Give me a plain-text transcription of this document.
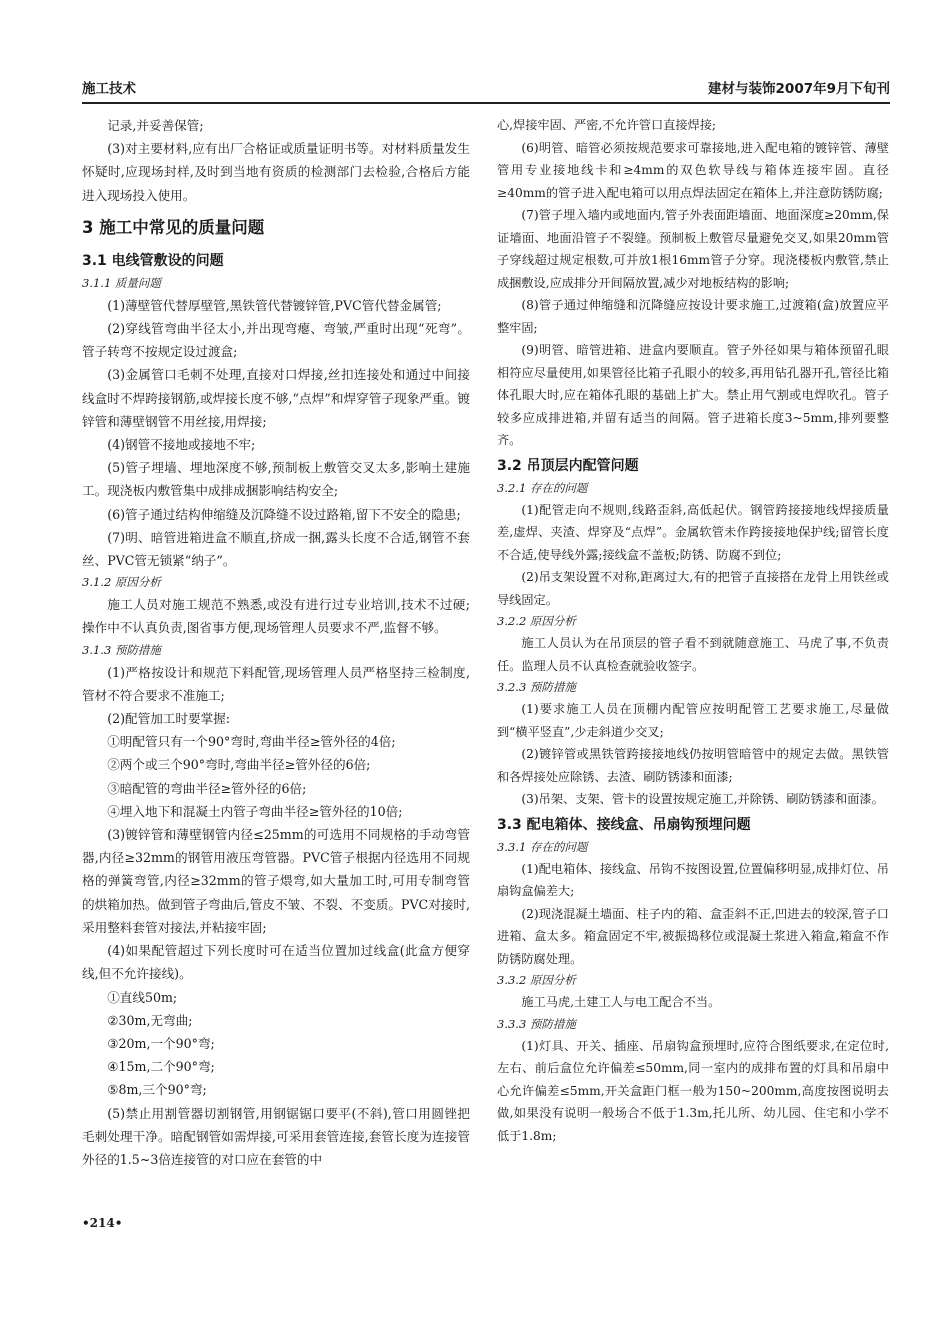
施工技术	建材与装饰2007年9月下旬刊
记录,并妥善保管;
(3)对主要材料,应有出厂合格证或质量证明书等。对材料质量发生怀疑时,应现场封样,及时到当地有资质的检测部门去检验,合格后方能进入现场投入使用。
3 施工中常见的质量问题
3.1 电线管敷设的问题
3.1.1 质量问题
(1)薄壁管代替厚壁管,黑铁管代替镀锌管,PVC管代替金属管;
(2)穿线管弯曲半径太小,并出现弯瘪、弯皱,严重时出现“死弯”。管子转弯不按规定设过渡盒;
(3)金属管口毛刺不处理,直接对口焊接,丝扣连接处和通过中间接线盒时不焊跨接钢筋,或焊接长度不够,“点焊”和焊穿管子现象严重。镀锌管和薄壁钢管不用丝接,用焊接;
(4)钢管不接地或接地不牢;
(5)管子埋墙、埋地深度不够,预制板上敷管交叉太多,影响土建施工。现浇板内敷管集中成排成捆影响结构安全;
(6)管子通过结构伸缩缝及沉降缝不设过路箱,留下不安全的隐患;
(7)明、暗管进箱进盒不顺直,挤成一捆,露头长度不合适,钢管不套丝、PVC管无锁紧“纳子”。
3.1.2 原因分析
施工人员对施工规范不熟悉,或没有进行过专业培训,技术不过硬;操作中不认真负责,图省事方便,现场管理人员要求不严,监督不够。
3.1.3 预防措施
(1)严格按设计和规范下料配管,现场管理人员严格坚持三检制度,管材不符合要求不准施工;
(2)配管加工时要掌握:
①明配管只有一个90°弯时,弯曲半径≥管外径的4倍;
②两个或三个90°弯时,弯曲半径≥管外径的6倍;
③暗配管的弯曲半径≥管外径的6倍;
④埋入地下和混凝土内管子弯曲半径≥管外径的10倍;
(3)镀锌管和薄壁钢管内径≤25mm的可选用不同规格的手动弯管器,内径≥32mm的钢管用液压弯管器。PVC管子根据内径选用不同规格的弹簧弯管,内径≥32mm的管子煨弯,如大量加工时,可用专制弯管的烘箱加热。做到管子弯曲后,管皮不皱、不裂、不变质。PVC对接时,采用整料套管对接法,并粘接牢固;
(4)如果配管超过下列长度时可在适当位置加过线盒(此盒方便穿线,但不允许接线)。
①直线50m;
②30m,无弯曲;
③20m,一个90°弯;
④15m,二个90°弯;
⑤8m,三个90°弯;
(5)禁止用割管器切割钢管,用钢锯锯口要平(不斜),管口用圆锉把毛刺处理干净。暗配钢管如需焊接,可采用套管连接,套管长度为连接管外径的1.5~3倍连接管的对口应在套管的中
心,焊接牢固、严密,不允许管口直接焊接;
(6)明管、暗管必须按规范要求可靠接地,进入配电箱的镀锌管、薄壁管用专业接地线卡和≥4mm的双色软导线与箱体连接牢固。直径≥40mm的管子进入配电箱可以用点焊法固定在箱体上,并注意防锈防腐;
(7)管子埋入墙内或地面内,管子外表面距墙面、地面深度≥20mm,保证墙面、地面沿管子不裂缝。预制板上敷管尽量避免交叉,如果20mm管子穿线超过规定根数,可并放1根16mm管子分穿。现浇楼板内敷管,禁止成捆敷设,应成排分开间隔放置,减少对地板结构的影响;
(8)管子通过伸缩缝和沉降缝应按设计要求施工,过渡箱(盒)放置应平整牢固;
(9)明管、暗管进箱、进盒内要顺直。管子外径如果与箱体预留孔眼相符应尽量使用,如果管径比箱子孔眼小的较多,再用钻孔器开孔,管径比箱体孔眼大时,应在箱体孔眼的基础上扩大。禁止用气割或电焊吹孔。管子较多应成排进箱,并留有适当的间隔。管子进箱长度3~5mm,排列要整齐。
3.2 吊顶层内配管问题
3.2.1 存在的问题
(1)配管走向不规则,线路歪斜,高低起伏。钢管跨接接地线焊接质量差,虚焊、夹渣、焊穿及“点焊”。金属软管未作跨接接地保护线;留管长度不合适,使导线外露;接线盒不盖板;防锈、防腐不到位;
(2)吊支架设置不对称,距离过大,有的把管子直接搭在龙骨上用铁丝或导线固定。
3.2.2 原因分析
施工人员认为在吊顶层的管子看不到就随意施工、马虎了事,不负责任。监理人员不认真检查就验收签字。
3.2.3 预防措施
(1)要求施工人员在顶棚内配管应按明配管工艺要求施工,尽量做到“横平竖直”,少走斜道少交叉;
(2)镀锌管或黑铁管跨接接地线仍按明管暗管中的规定去做。黑铁管和各焊接处应除锈、去渣、刷防锈漆和面漆;
(3)吊架、支架、管卡的设置按规定施工,并除锈、刷防锈漆和面漆。
3.3 配电箱体、接线盒、吊扇钩预埋问题
3.3.1 存在的问题
(1)配电箱体、接线盒、吊钩不按图设置,位置偏移明显,成排灯位、吊扇钩盒偏差大;
(2)现浇混凝土墙面、柱子内的箱、盒歪斜不正,凹进去的较深,管子口进箱、盒太多。箱盒固定不牢,被振捣移位或混凝土浆进入箱盒,箱盒不作防锈防腐处理。
3.3.2 原因分析
施工马虎,土建工人与电工配合不当。
3.3.3 预防措施
(1)灯具、开关、插座、吊扇钩盒预埋时,应符合图纸要求,在定位时,左右、前后盒位允许偏差≤50mm,同一室内的成排布置的灯具和吊扇中心允许偏差≤5mm,开关盒距门框一般为150~200mm,高度按图说明去做,如果没有说明一般场合不低于1.3m,托儿所、幼儿园、住宅和小学不低于1.8m;
•214•
